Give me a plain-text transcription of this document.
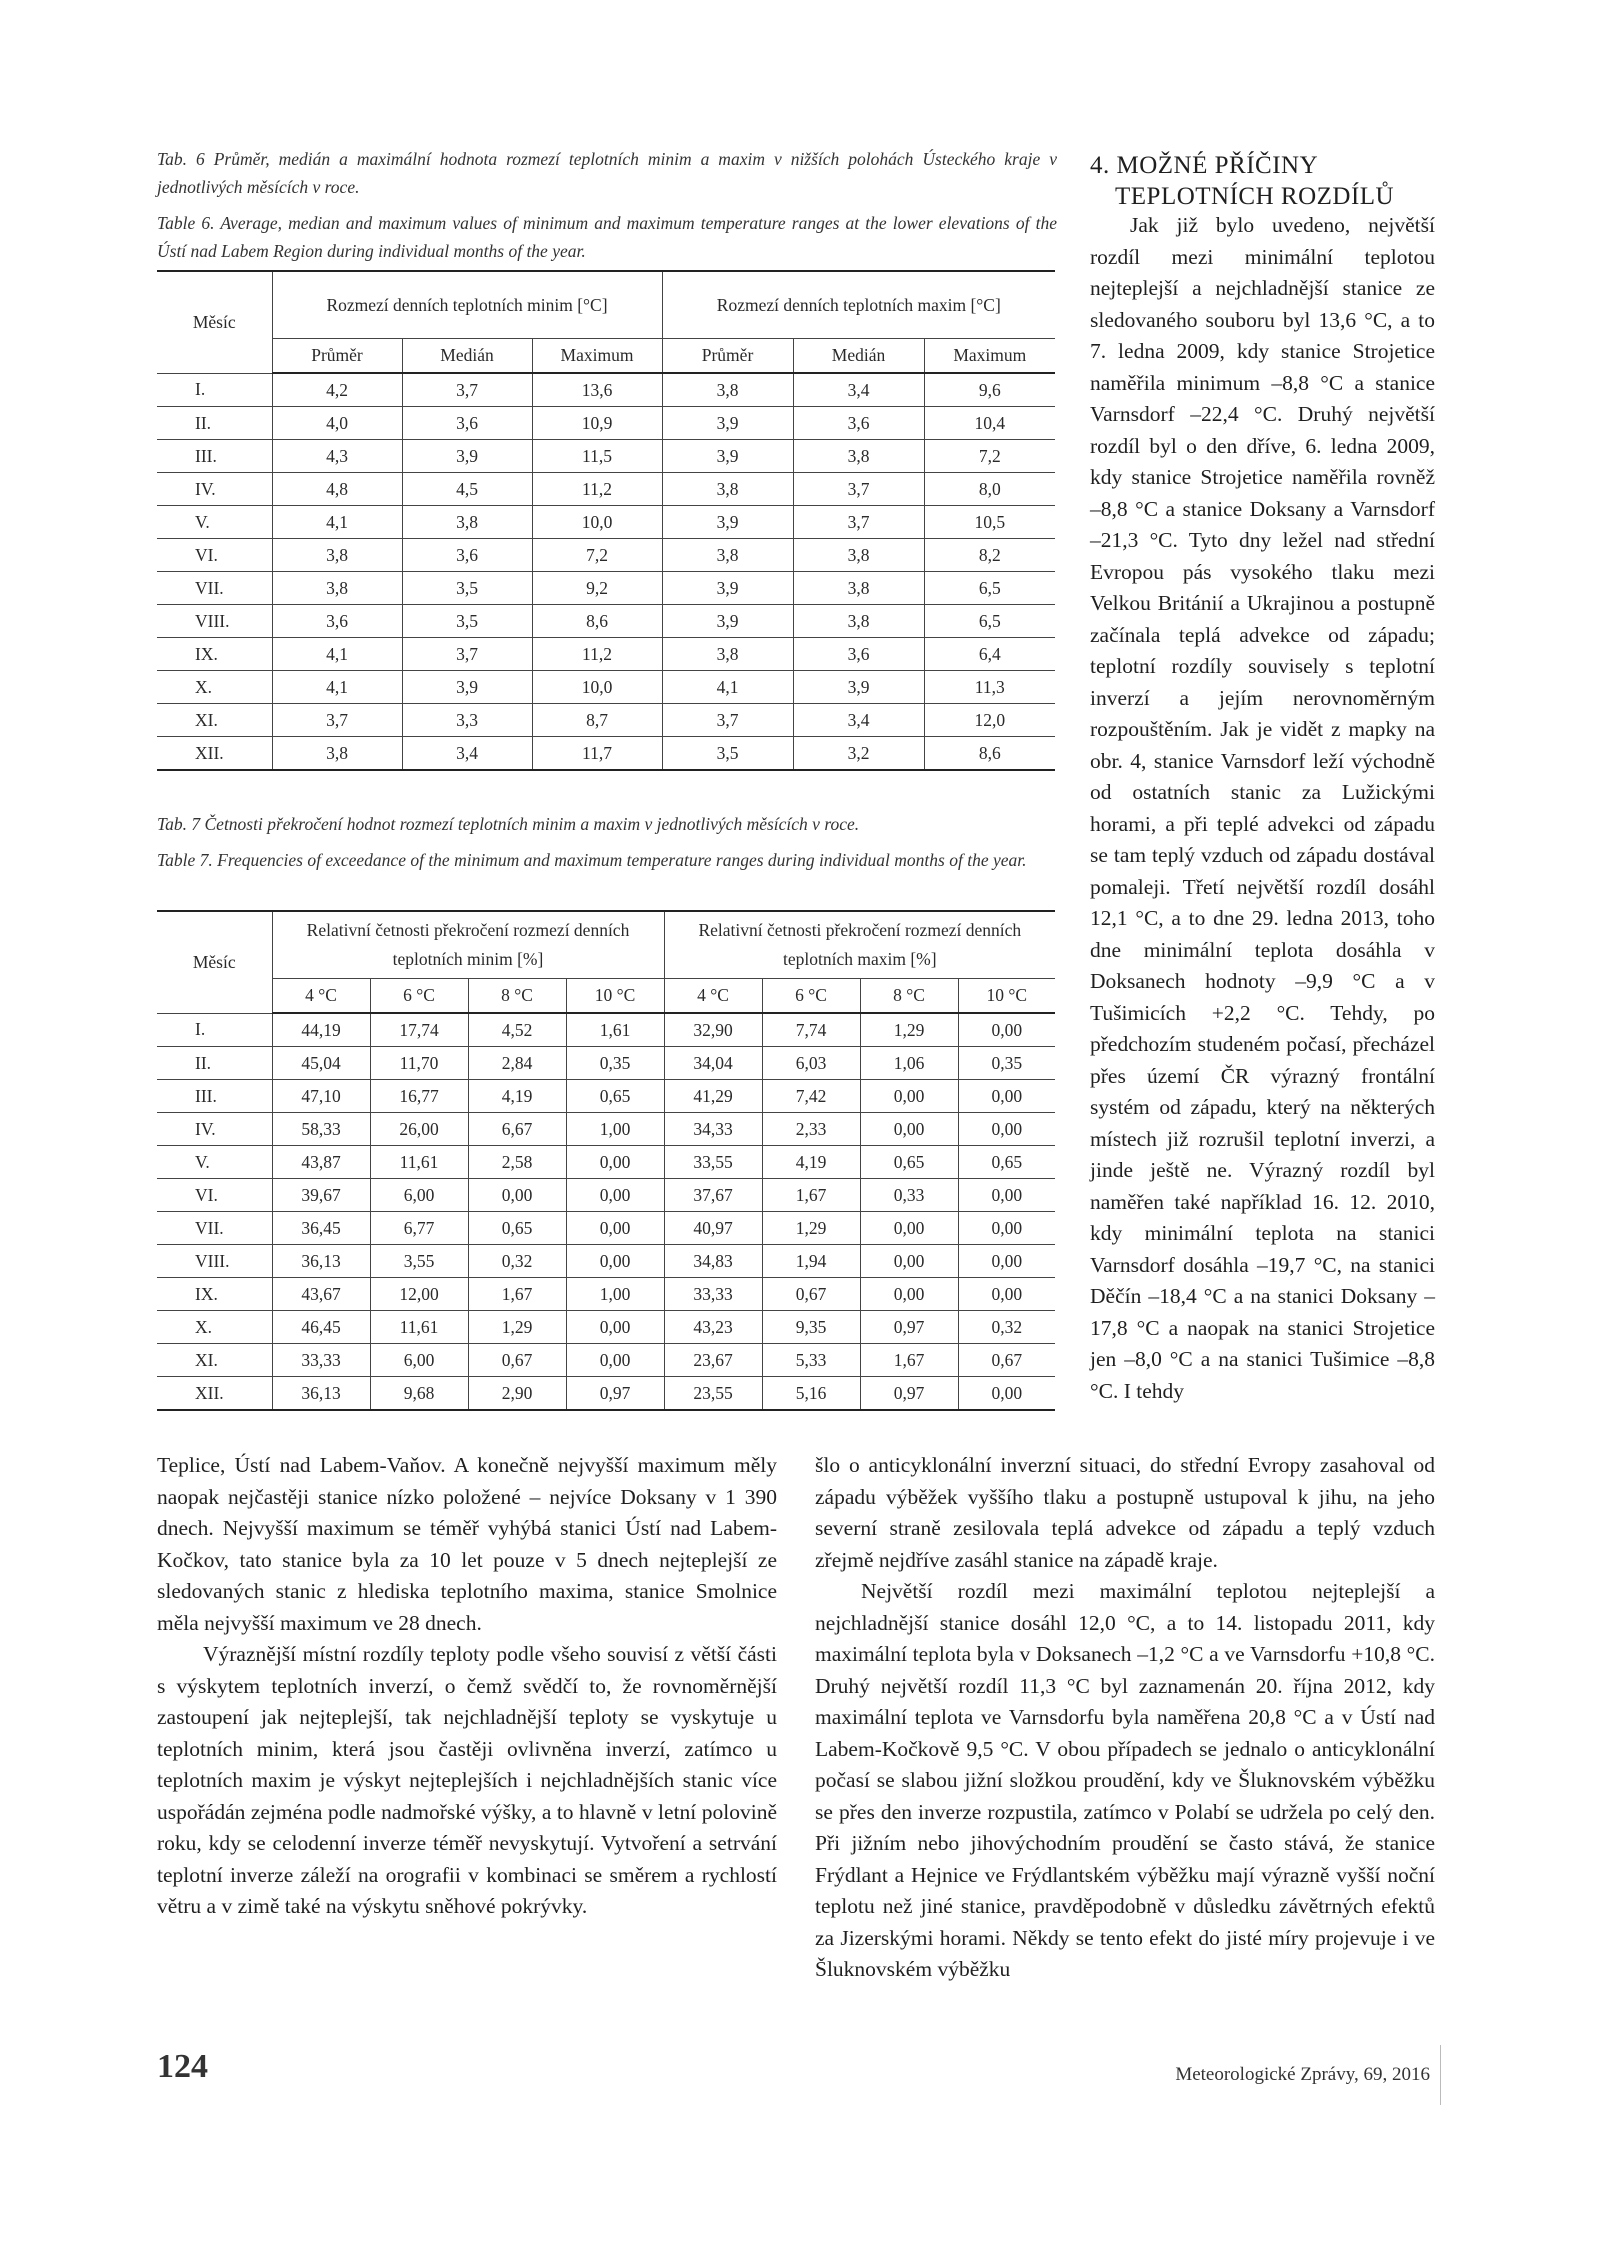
Tab. 6 Průměr, medián a maximální hodnota rozmezí teplotních minim a maxim v nižších polohách Ústeckého kraje v jednotlivých měsících v roce.

Table 6. Average, median and maximum values of minimum and maximum temperature ranges at the lower elevations of the Ústí nad Labem Region during individual months of the year.

Měsíc	Rozmezí denních teplotních minim [°C]			Rozmezí denních teplotních maxim [°C]		
	Průměr	Medián	Maximum	Průměr	Medián	Maximum
I.	4,2	3,7	13,6	3,8	3,4	9,6
II.	4,0	3,6	10,9	3,9	3,6	10,4
III.	4,3	3,9	11,5	3,9	3,8	7,2
IV.	4,8	4,5	11,2	3,8	3,7	8,0
V.	4,1	3,8	10,0	3,9	3,7	10,5
VI.	3,8	3,6	7,2	3,8	3,8	8,2
VII.	3,8	3,5	9,2	3,9	3,8	6,5
VIII.	3,6	3,5	8,6	3,9	3,8	6,5
IX.	4,1	3,7	11,2	3,8	3,6	6,4
X.	4,1	3,9	10,0	4,1	3,9	11,3
XI.	3,7	3,3	8,7	3,7	3,4	12,0
XII.	3,8	3,4	11,7	3,5	3,2	8,6

Tab. 7 Četnosti překročení hodnot rozmezí teplotních minim a maxim v jednotlivých měsících v roce.

Table 7. Frequencies of exceedance of the minimum and maximum temperature ranges during individual months of the year.

Měsíc	Relativní četnosti překročení rozmezí denních teplotních minim [%]				Relativní četnosti překročení rozmezí denních teplotních maxim [%]			
	4 °C	6 °C	8 °C	10 °C	4 °C	6 °C	8 °C	10 °C
I.	44,19	17,74	4,52	1,61	32,90	7,74	1,29	0,00
II.	45,04	11,70	2,84	0,35	34,04	6,03	1,06	0,35
III.	47,10	16,77	4,19	0,65	41,29	7,42	0,00	0,00
IV.	58,33	26,00	6,67	1,00	34,33	2,33	0,00	0,00
V.	43,87	11,61	2,58	0,00	33,55	4,19	0,65	0,65
VI.	39,67	6,00	0,00	0,00	37,67	1,67	0,33	0,00
VII.	36,45	6,77	0,65	0,00	40,97	1,29	0,00	0,00
VIII.	36,13	3,55	0,32	0,00	34,83	1,94	0,00	0,00
IX.	43,67	12,00	1,67	1,00	33,33	0,67	0,00	0,00
X.	46,45	11,61	1,29	0,00	43,23	9,35	0,97	0,32
XI.	33,33	6,00	0,67	0,00	23,67	5,33	1,67	0,67
XII.	36,13	9,68	2,90	0,97	23,55	5,16	0,97	0,00
4. MOŽNÉ PŘÍČINY
TEPLOTNÍCH ROZDÍLŮ

Jak již bylo uvedeno, největší rozdíl mezi minimální teplotou nejteplejší a nejchladnější stanice ze sledovaného souboru byl 13,6 °C, a to 7. ledna 2009, kdy stanice Strojetice naměřila minimum –8,8 °C a stanice Varnsdorf –22,4 °C. Druhý největší rozdíl byl o den dříve, 6. ledna 2009, kdy stanice Strojetice naměřila rovněž –8,8 °C a stanice Doksany a Varnsdorf –21,3 °C. Tyto dny ležel nad střední Evropou pás vysokého tlaku mezi Velkou Británií a Ukrajinou a postupně začínala teplá advekce od západu; teplotní rozdíly souvisely s teplotní inverzí a jejím nerovnoměrným rozpouštěním. Jak je vidět z mapky na obr. 4, stanice Varnsdorf leží východně od ostatních stanic za Lužickými horami, a při teplé advekci od západu se tam teplý vzduch od západu dostával pomaleji. Třetí největší rozdíl dosáhl 12,1 °C, a to dne 29. ledna 2013, toho dne minimální teplota dosáhla v Doksanech hodnoty –9,9 °C a v Tušimicích +2,2 °C. Tehdy, po předchozím studeném počasí, přecházel přes území ČR výrazný frontální systém od západu, který na některých místech již rozrušil teplotní inverzi, a jinde ještě ne. Výrazný rozdíl byl naměřen také například 16. 12. 2010, kdy minimální teplota na stanici Varnsdorf dosáhla –19,7 °C, na stanici Děčín –18,4 °C a na stanici Doksany –17,8 °C a naopak na stanici Strojetice jen –8,0 °C a na stanici Tušimice –8,8 °C. I tehdy

Teplice, Ústí nad Labem-Vaňov. A konečně nejvyšší maximum měly naopak nejčastěji stanice nízko položené – nejvíce Doksany v 1 390 dnech. Nejvyšší maximum se téměř vyhýbá stanici Ústí nad Labem-Kočkov, tato stanice byla za 10 let pouze v 5 dnech nejteplejší ze sledovaných stanic z hlediska teplotního maxima, stanice Smolnice měla nejvyšší maximum ve 28 dnech.

Výraznější místní rozdíly teploty podle všeho souvisí z větší části s výskytem teplotních inverzí, o čemž svědčí to, že rovnoměrnější zastoupení jak nejteplejší, tak nejchladnější teploty se vyskytuje u teplotních minim, která jsou častěji ovlivněna inverzí, zatímco u teplotních maxim je výskyt nejteplejších i nejchladnějších stanic více uspořádán zejména podle nadmořské výšky, a to hlavně v letní polovině roku, kdy se celodenní inverze téměř nevyskytují. Vytvoření a setrvání teplotní inverze záleží na orografii v kombinaci se směrem a rychlostí větru a v zimě také na výskytu sněhové pokrývky.

šlo o anticyklonální inverzní situaci, do střední Evropy zasahoval od západu výběžek vyššího tlaku a postupně ustupoval k jihu, na jeho severní straně zesilovala teplá advekce od západu a teplý vzduch zřejmě nejdříve zasáhl stanice na západě kraje.

Největší rozdíl mezi maximální teplotou nejteplejší a nejchladnější stanice dosáhl 12,0 °C, a to 14. listopadu 2011, kdy maximální teplota byla v Doksanech –1,2 °C a ve Varnsdorfu +10,8 °C. Druhý největší rozdíl 11,3 °C byl zaznamenán 20. října 2012, kdy maximální teplota ve Varnsdorfu byla naměřena 20,8 °C a v Ústí nad Labem-Kočkově 9,5 °C. V obou případech se jednalo o anticyklonální počasí se slabou jižní složkou proudění, kdy ve Šluknovském výběžku se přes den inverze rozpustila, zatímco v Polabí se udržela po celý den. Při jižním nebo jihovýchodním proudění se často stává, že stanice Frýdlant a Hejnice ve Frýdlantském výběžku mají výrazně vyšší noční teplotu než jiné stanice, pravděpodobně v důsledku závětrných efektů za Jizerskými horami. Někdy se tento efekt do jisté míry projevuje i ve Šluknovském výběžku

124	Meteorologické Zprávy, 69, 2016
